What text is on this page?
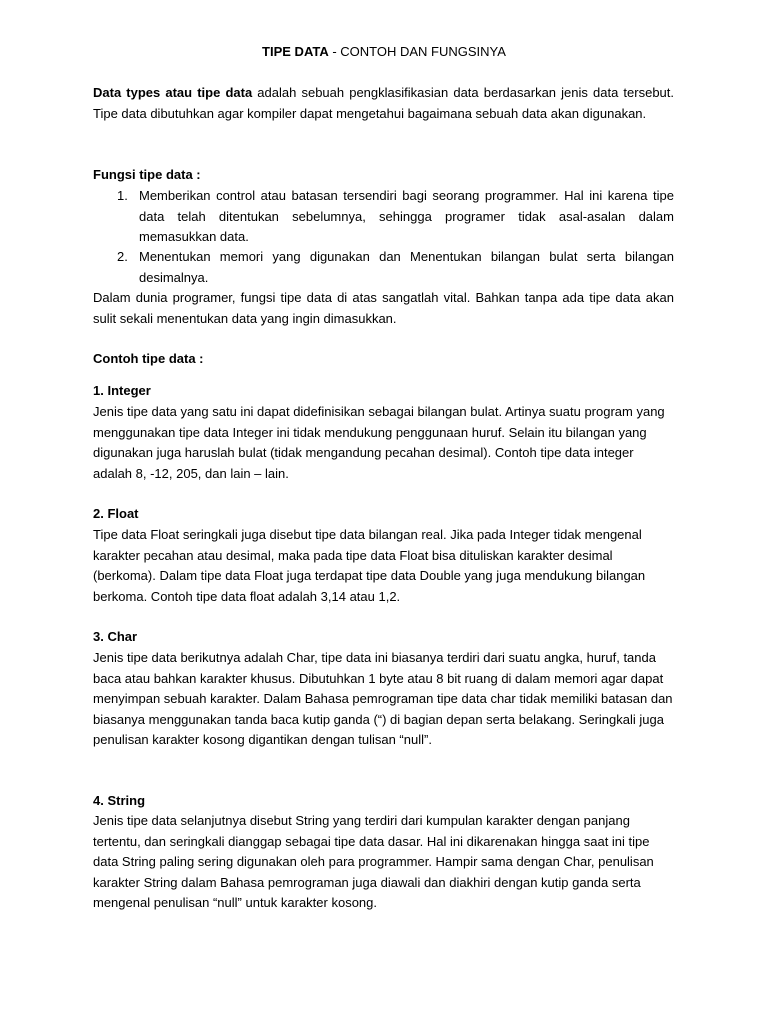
TIPE DATA - CONTOH DAN FUNGSINYA

Data types atau tipe data adalah sebuah pengklasifikasian data berdasarkan jenis data tersebut. Tipe data dibutuhkan agar kompiler dapat mengetahui bagaimana sebuah data akan digunakan.

Fungsi tipe data :

1. Memberikan control atau batasan tersendiri bagi seorang programmer. Hal ini karena tipe data telah ditentukan sebelumnya, sehingga programer tidak asal-asalan dalam memasukkan data.
2. Menentukan memori yang digunakan dan Menentukan bilangan bulat serta bilangan desimalnya.

Dalam dunia programer, fungsi tipe data di atas sangatlah vital. Bahkan tanpa ada tipe data akan sulit sekali menentukan data yang ingin dimasukkan.

Contoh tipe data :

1. Integer

Jenis tipe data yang satu ini dapat didefinisikan sebagai bilangan bulat. Artinya suatu program yang menggunakan tipe data Integer ini tidak mendukung penggunaan huruf. Selain itu bilangan yang digunakan juga haruslah bulat (tidak mengandung pecahan desimal). Contoh tipe data integer adalah 8, -12, 205, dan lain – lain.

2. Float

Tipe data Float seringkali juga disebut tipe data bilangan real. Jika pada Integer tidak mengenal karakter pecahan atau desimal, maka pada tipe data Float bisa dituliskan karakter desimal (berkoma). Dalam tipe data Float juga terdapat tipe data Double yang juga mendukung bilangan berkoma. Contoh tipe data float adalah 3,14 atau 1,2.

3. Char

Jenis tipe data berikutnya adalah Char, tipe data ini biasanya terdiri dari suatu angka, huruf, tanda baca atau bahkan karakter khusus. Dibutuhkan 1 byte atau 8 bit ruang di dalam memori agar dapat menyimpan sebuah karakter. Dalam Bahasa pemrograman tipe data char tidak memiliki batasan dan biasanya menggunakan tanda baca kutip ganda (“) di bagian depan serta belakang. Seringkali juga penulisan karakter kosong digantikan dengan tulisan “null”.

4. String

Jenis tipe data selanjutnya disebut String yang terdiri dari kumpulan karakter dengan panjang tertentu, dan seringkali dianggap sebagai tipe data dasar. Hal ini dikarenakan hingga saat ini tipe data String paling sering digunakan oleh para programmer. Hampir sama dengan Char, penulisan karakter String dalam Bahasa pemrograman juga diawali dan diakhiri dengan kutip ganda serta mengenal penulisan “null” untuk karakter kosong.
